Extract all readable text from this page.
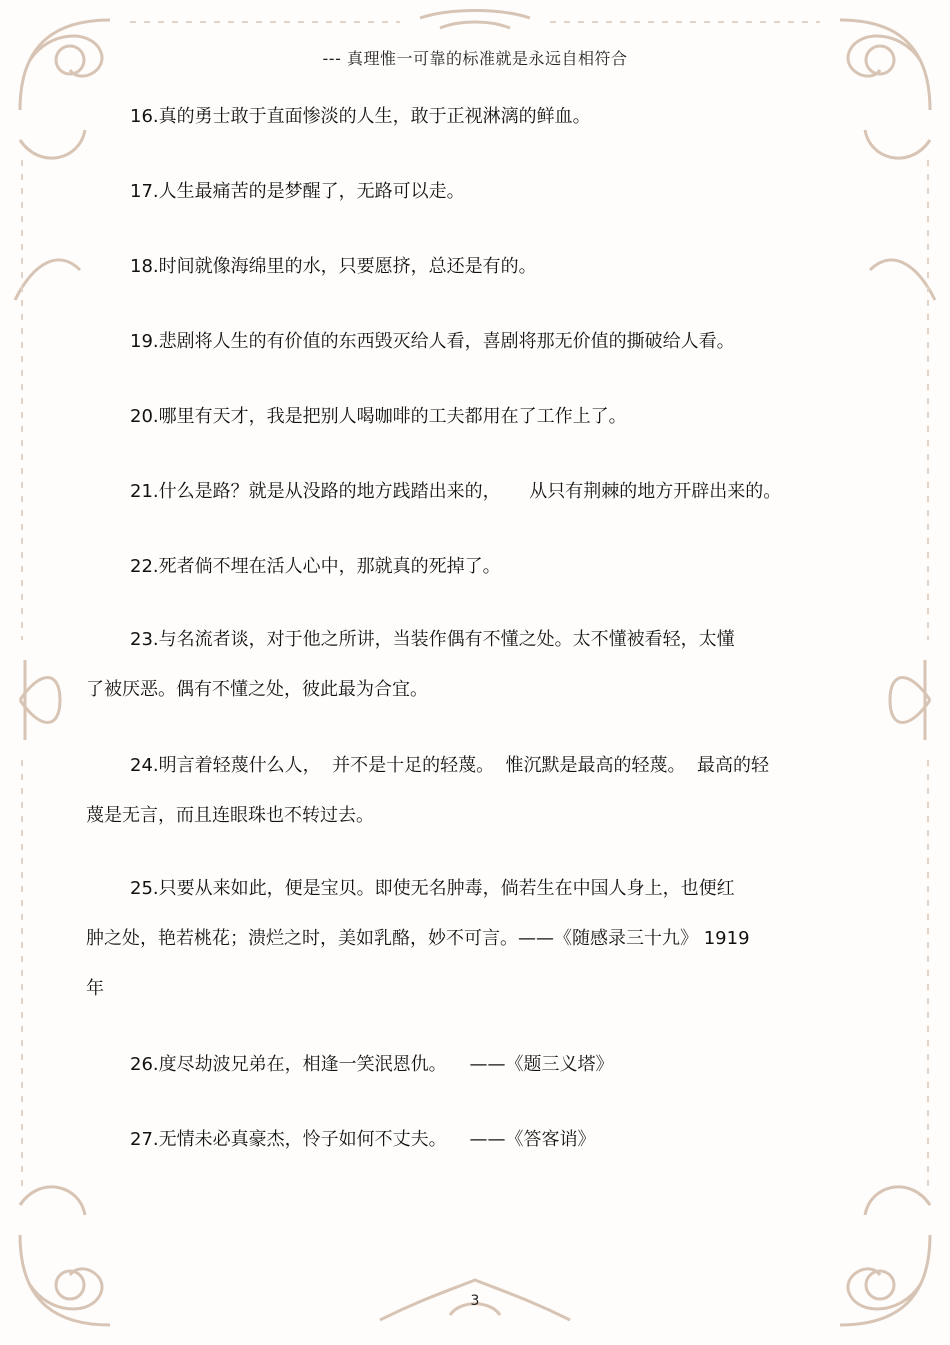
--- 真理惟一可靠的标准就是永远自相符合
16.真的勇士敢于直面惨淡的人生，敢于正视淋漓的鲜血。
17.人生最痛苦的是梦醒了，无路可以走。
18.时间就像海绵里的水，只要愿挤，总还是有的。
19.悲剧将人生的有价值的东西毁灭给人看，喜剧将那无价值的撕破给人看。
20.哪里有天才，我是把别人喝咖啡的工夫都用在了工作上了。
21.什么是路？就是从没路的地方践踏出来的，     从只有荆棘的地方开辟出来的。
22.死者倘不埋在活人心中，那就真的死掉了。
23.与名流者谈，对于他之所讲，当装作偶有不懂之处。太不懂被看轻，太懂
了被厌恶。偶有不懂之处，彼此最为合宜。
24.明言着轻蔑什么人，  并不是十足的轻蔑。  惟沉默是最高的轻蔑。  最高的轻
蔑是无言，而且连眼珠也不转过去。
25.只要从来如此，便是宝贝。即使无名肿毒，倘若生在中国人身上，也便红
肿之处，艳若桃花；溃烂之时，美如乳酪，妙不可言。——《随感录三十九》 1919
年
26.度尽劫波兄弟在，相逢一笑泯恩仇。    ——《题三义塔》
27.无情未必真豪杰，怜子如何不丈夫。    ——《答客诮》
3
